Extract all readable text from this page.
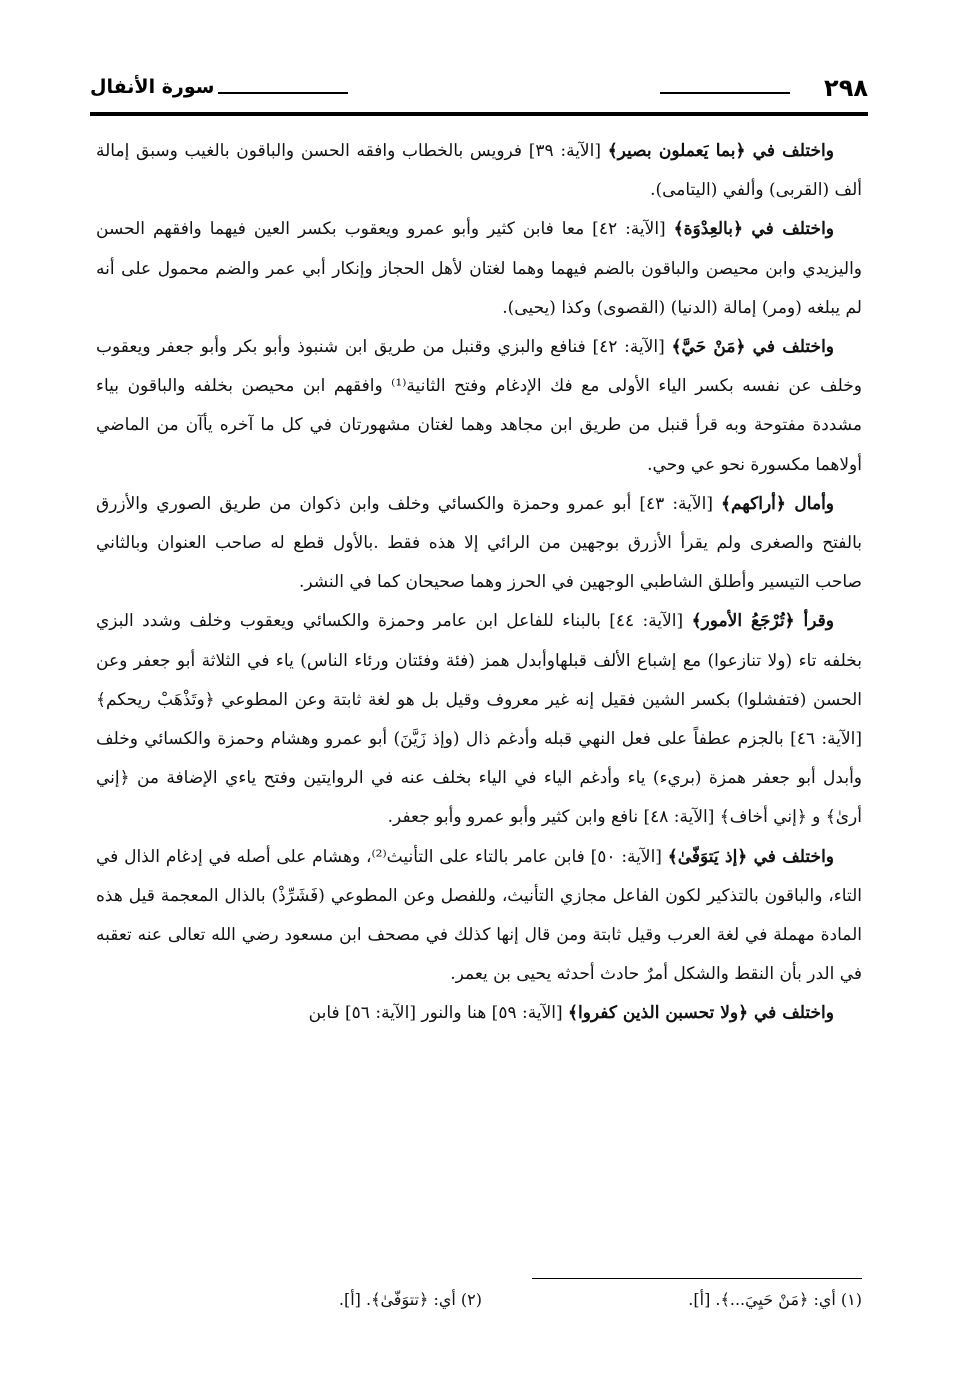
٢٩٨
سورة الأنفال

واختلف في ﴿بما يَعملون بصير﴾ [الآية: ٣٩] فرويس بالخطاب وافقه الحسن والباقون بالغيب وسبق إمالة ألف (القربى) وألفي (اليتامى).

واختلف في ﴿بالعِدْوَة﴾ [الآية: ٤٢] معا فابن كثير وأبو عمرو ويعقوب بكسر العين فيهما وافقهم الحسن واليزيدي وابن محيصن والباقون بالضم فيهما وهما لغتان لأهل الحجاز وإنكار أبي عمر والضم محمول على أنه لم يبلغه (ومر) إمالة (الدنيا) (القصوى) وكذا (يحيى).

واختلف في ﴿مَنْ حَيَّ﴾ [الآية: ٤٢] فنافع والبزي وقنبل من طريق ابن شنبوذ وأبو بكر وأبو جعفر ويعقوب وخلف عن نفسه بكسر الياء الأولى مع فك الإدغام وفتح الثانية⁽¹⁾ وافقهم ابن محيصن بخلفه والباقون بياء مشددة مفتوحة وبه قرأ قنبل من طريق ابن مجاهد وهما لغتان مشهورتان في كل ما آخره يأآن من الماضي أولاهما مكسورة نحو عي وحي.

وأمال ﴿أراكهم﴾ [الآية: ٤٣] أبو عمرو وحمزة والكسائي وخلف وابن ذكوان من طريق الصوري والأزرق بالفتح والصغرى ولم يقرأ الأزرق بوجهين من الرائي إلا هذه فقط .بالأول قطع له صاحب العنوان وبالثاني صاحب التيسير وأطلق الشاطبي الوجهين في الحرز وهما صحيحان كما في النشر.

وقرأ ﴿تُرْجَعُ الأمور﴾ [الآية: ٤٤] بالبناء للفاعل ابن عامر وحمزة والكسائي ويعقوب وخلف وشدد البزي بخلفه تاء (ولا تنازعوا) مع إشباع الألف قبلهاوأبدل همز (فئة وفئتان ورئاء الناس) ياء في الثلاثة أبو جعفر وعن الحسن (فتفشلوا) بكسر الشين فقيل إنه غير معروف وقيل بل هو لغة ثابتة وعن المطوعي ﴿وتَذْهَبْ ريحكم﴾ [الآية: ٤٦] بالجزم عطفاً على فعل النهي قبله وأدغم ذال (وإذ زَيَّنَ) أبو عمرو وهشام وحمزة والكسائي وخلف وأبدل أبو جعفر همزة (بريء) ياء وأدغم الياء في الياء بخلف عنه في الروايتين وفتح ياءي الإضافة من ﴿إني أرىٰ﴾ و ﴿إني أخاف﴾ [الآية: ٤٨] نافع وابن كثير وأبو عمرو وأبو جعفر.

واختلف في ﴿إذ يَتوَفّىٰ﴾ [الآية: ٥٠] فابن عامر بالتاء على التأنيث⁽²⁾، وهشام على أصله في إدغام الذال في التاء، والباقون بالتذكير لكون الفاعل مجازي التأنيث، وللفصل وعن المطوعي (فَشَرِّذْ) بالذال المعجمة قيل هذه المادة مهملة في لغة العرب وقيل ثابتة ومن قال إنها كذلك في مصحف ابن مسعود رضي الله تعالى عنه تعقبه في الدر بأن النقط والشكل أمرٌ حادث أحدثه يحيى بن يعمر.

واختلف في ﴿ولا تحسبن الذين كفروا﴾ [الآية: ٥٩] هنا والنور [الآية: ٥٦] فابن

(١) أي: ﴿مَنْ حَيِيَ...﴾. [أ].
(٢) أي: ﴿تتوَفّىٰ﴾. [أ].
